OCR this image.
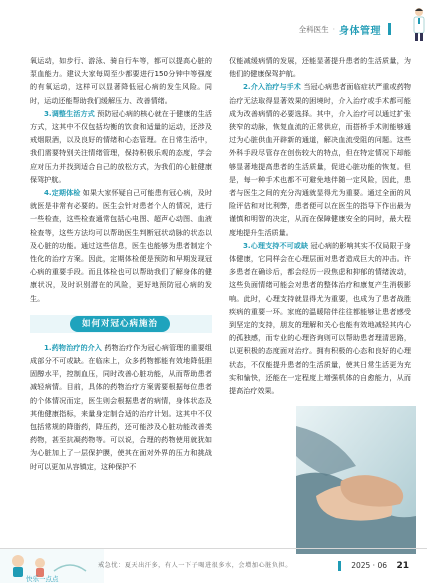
全科医生 · 身体管理

氧运动，如步行、游泳、骑自行车等，都可以提高心脏的泵血能力。建议大家每周至少都要进行150分钟中等强度的有氧运动，这样可以显著降低冠心病的发生风险。同时，运动还能帮助我们缓解压力、改善情绪。

3.调整生活方式 预防冠心病的核心就在于健康的生活方式，这其中不仅包括均衡的饮食和适量的运动，还涉及戒烟限酒，以及良好的情绪和心态管理。在日常生活中，我们需要特别关注情绪管理，保持积极乐观的态度，学会应对压力并找到适合自己的放松方式，为我们的心脏健康保驾护航。

4.定期体检 如果大家怀疑自己可能患有冠心病，及时就医是非常有必要的。医生会针对患者个人的情况，进行一些检查，这些检查通常包括心电图、超声心动图、血液检查等，这些方法均可以帮助医生判断冠状动脉的状态以及心脏的功能。通过这些信息，医生也能够为患者制定个性化的治疗方案。因此，定期体检便是预防和早期发现冠心病的重要手段。而且体检也可以帮助我们了解身体的健康状况，及时识别潜在的风险，更好地预防冠心病的发生。

如何对冠心病施治

1.药物治疗的介入 药物治疗作为冠心病管理的重要组成部分不可或缺。在临床上，众多药物都能有效地降低胆固醇水平，控制血压，同时改善心脏功能，从而帮助患者减轻病情。目前，具体的药物治疗方案需要根据每位患者的个体情况而定，医生则会根据患者的病情，身体状态及其他健康指标，来量身定制合适的治疗计划。这其中不仅包括常规的降脂药，降压药，还可能涉及心脏功能改善类药物，甚至抗凝药物等。可以说，合理的药物使用就犹如为心脏加上了一层保护膜，使其在面对外界的压力和挑战时可以更加从容镇定，这种保护不

仅能减缓病情的发展，还能显著提升患者的生活质量，为他们的健康保驾护航。

2.介入治疗与手术 当冠心病患者面临症状严重或药物治疗无法取得显著效果的困境时，介入治疗或手术都可能成为改善病情的必要选择。其中，介入治疗可以通过扩张狭窄的动脉，恢复血流的正常供应，而搭桥手术则能够通过为心脏供血开辟新的通道，解决血流受阻的问题。这些外科手段尽管存在创伤较大的特点，但在特定情况下却能够显著地提高患者的生活质量，促进心脏功能的恢复。但是，每一种手术也都不可避免地伴随一定风险，因此，患者与医生之间的充分沟通就显得尤为重要。通过全面的风险评估和对比利弊，患者便可以在医生的指导下作出最为谨慎和明智的决定，从而在保障健康安全的同时，最大程度地提升生活质量。

3.心理支持不可或缺 冠心病的影响其实不仅局限于身体健康，它同样会在心理层面对患者造成巨大的冲击。许多患者在确诊后，都会经历一段焦虑和抑郁的情绪波动，这些负面情绪可能会对患者的整体治疗和康复产生消极影响。此时，心理支持就显得尤为重要，也成为了患者战胜疾病的重要一环。家庭的温暖陪伴往往都能够让患者感受到坚定的支持，朋友的理解和关心也能有效地减轻其内心的孤独感，而专业的心理咨询则可以帮助患者理清思路，以更积极的态度面对治疗。拥有积极的心态和良好的心理状态，不仅能提升患者的生活质量，使其日常生活更为充实和愉快，还能在一定程度上增强机体的自愈能力，从而提高治疗效果。

快乐一点点
戒急忧：夏天出汗多，有人一下子喝进很多水，会增加心脏负担。	2025 · 06 21
